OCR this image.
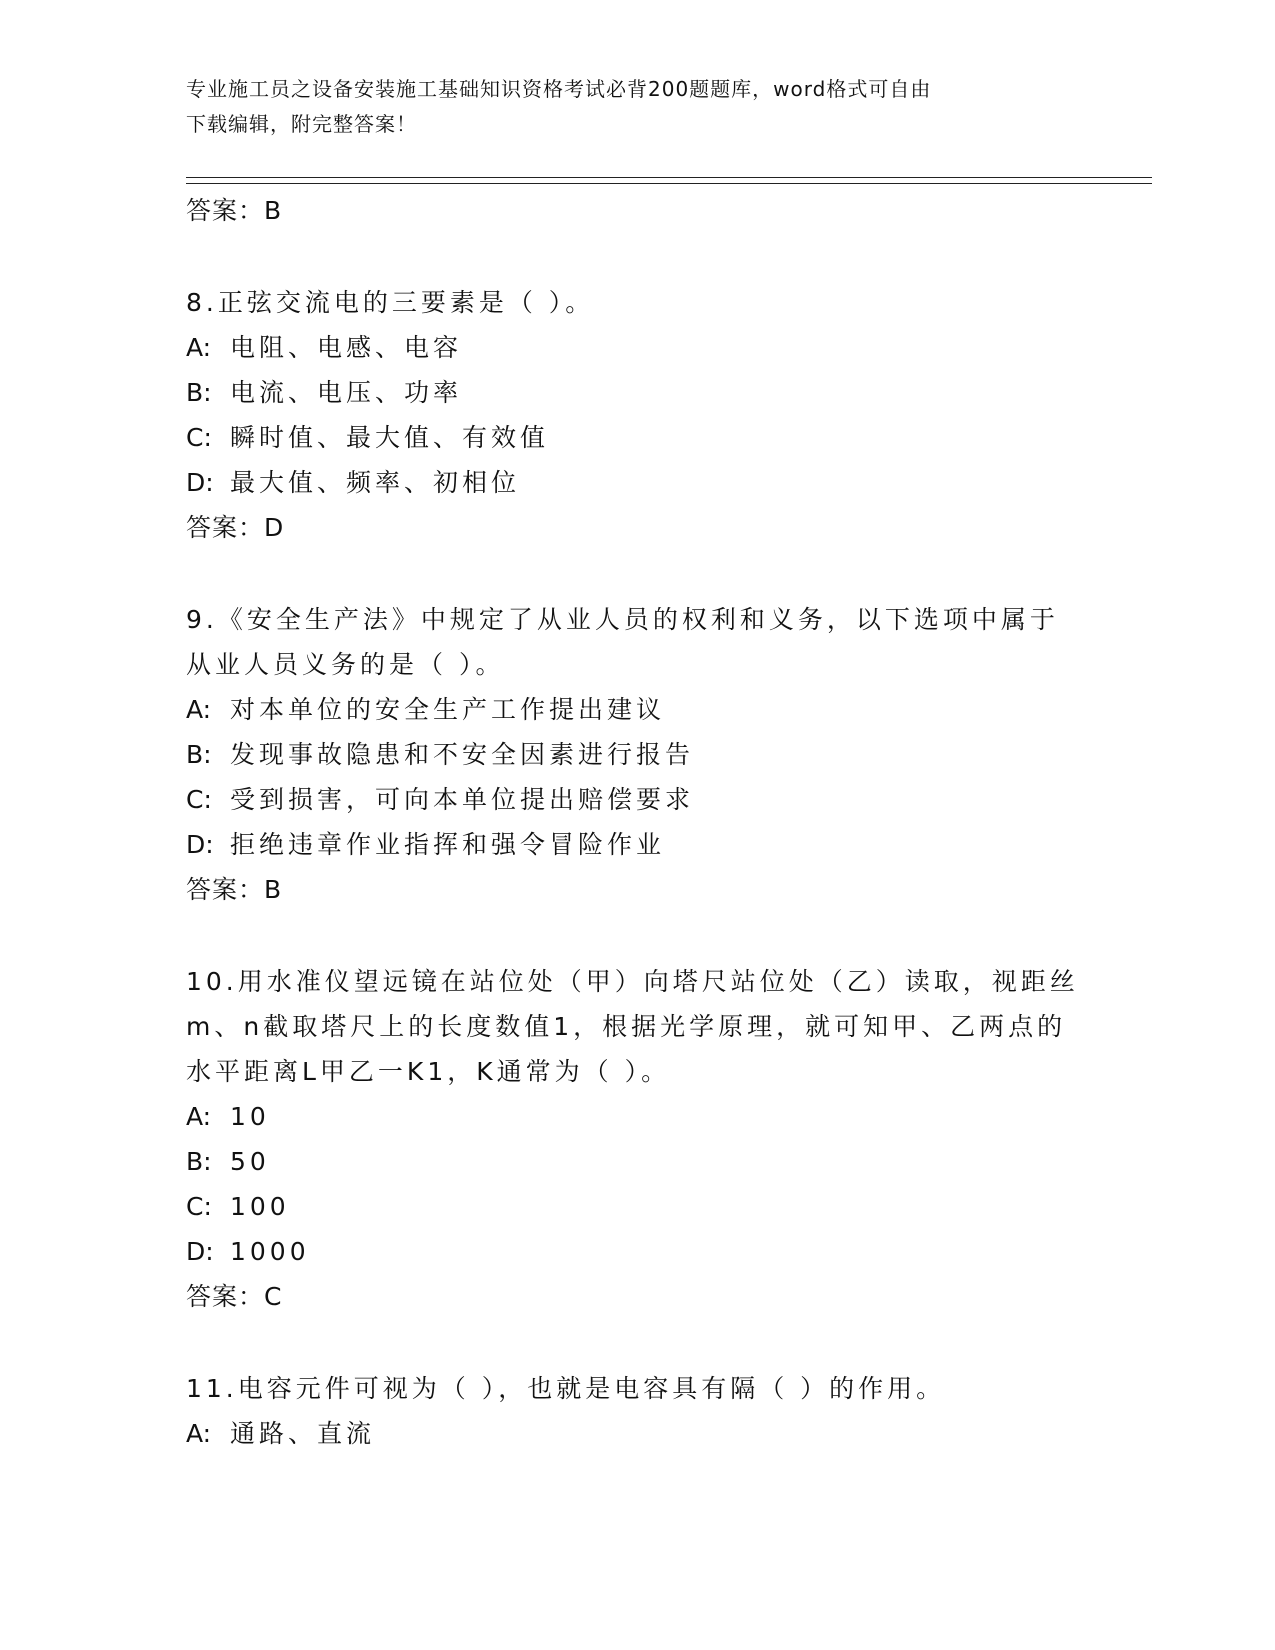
专业施工员之设备安装施工基础知识资格考试必背200题题库，word格式可自由
下载编辑，附完整答案！
答案：B
8.正弦交流电的三要素是（ ）。
A: 电阻、电感、电容
B: 电流、电压、功率
C: 瞬时值、最大值、有效值
D: 最大值、频率、初相位
答案：D
9.《安全生产法》中规定了从业人员的权利和义务，以下选项中属于
从业人员义务的是（ ）。
A: 对本单位的安全生产工作提出建议
B: 发现事故隐患和不安全因素进行报告
C: 受到损害，可向本单位提出赔偿要求
D: 拒绝违章作业指挥和强令冒险作业
答案：B
10.用水准仪望远镜在站位处（甲）向塔尺站位处（乙）读取，视距丝
m、n截取塔尺上的长度数值1，根据光学原理，就可知甲、乙两点的
水平距离L甲乙一K1，K通常为（ ）。
A: 10
B: 50
C: 100
D: 1000
答案：C
11.电容元件可视为（ ），也就是电容具有隔（ ）的作用。
A: 通路、直流
